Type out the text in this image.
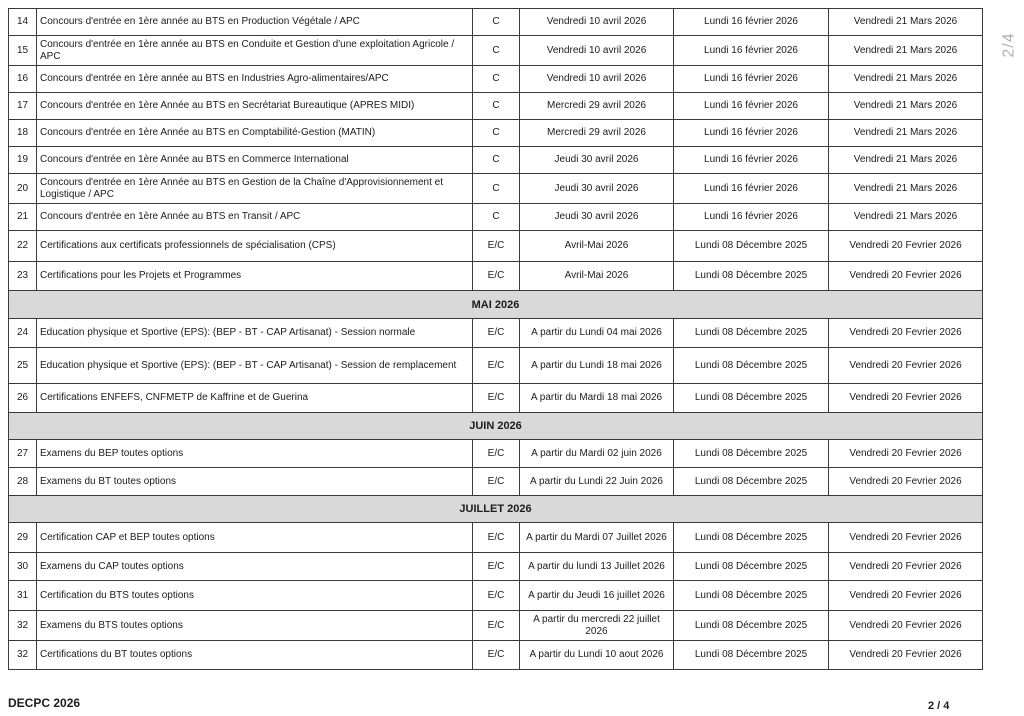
14	Concours d'entrée en 1ère année au BTS en Production Végétale / APC	C	Vendredi 10 avril 2026	Lundi 16 février 2026	Vendredi 21 Mars 2026
15	Concours d'entrée en 1ère année au BTS en Conduite et Gestion d'une exploitation Agricole / APC	C	Vendredi 10 avril 2026	Lundi 16 février 2026	Vendredi 21 Mars 2026
16	Concours d'entrée en 1ère année au BTS en Industries Agro-alimentaires/APC	C	Vendredi 10 avril 2026	Lundi 16 février 2026	Vendredi 21 Mars 2026
17	Concours d'entrée en 1ère Année au BTS en Secrétariat Bureautique (APRES MIDI)	C	Mercredi 29 avril 2026	Lundi 16 février 2026	Vendredi 21 Mars 2026
18	Concours d'entrée en 1ère Année au BTS en Comptabilité-Gestion (MATIN)	C	Mercredi 29 avril 2026	Lundi 16 février 2026	Vendredi 21 Mars 2026
19	Concours d'entrée en 1ère Année au BTS en Commerce International	C	Jeudi 30 avril 2026	Lundi 16 février 2026	Vendredi 21 Mars 2026
20	Concours d'entrée en 1ère Année au BTS en Gestion de la Chaîne d'Approvisionnement et Logistique / APC	C	Jeudi 30 avril 2026	Lundi 16 février 2026	Vendredi 21 Mars 2026
21	Concours d'entrée en 1ère Année au BTS en Transit / APC	C	Jeudi 30 avril 2026	Lundi 16 février 2026	Vendredi 21 Mars 2026
22	Certifications aux certificats professionnels de spécialisation (CPS)	E/C	Avril-Mai 2026	Lundi 08 Décembre 2025	Vendredi 20 Fevrier 2026
23	Certifications pour les Projets et Programmes	E/C	Avril-Mai 2026	Lundi 08 Décembre 2025	Vendredi 20 Fevrier 2026
MAI 2026					
24	Education physique et Sportive (EPS): (BEP - BT - CAP Artisanat) - Session normale	E/C	A partir du Lundi 04 mai 2026	Lundi 08 Décembre 2025	Vendredi 20 Fevrier 2026
25	Education physique et Sportive (EPS): (BEP - BT - CAP Artisanat) - Session de remplacement	E/C	A partir du Lundi 18 mai 2026	Lundi 08 Décembre 2025	Vendredi 20 Fevrier 2026
26	Certifications ENFEFS, CNFMETP de Kaffrine et de Guerina	E/C	A partir du Mardi 18 mai 2026	Lundi 08 Décembre 2025	Vendredi 20 Fevrier 2026
JUIN 2026					
27	Examens du BEP toutes options	E/C	A partir du Mardi 02 juin 2026	Lundi 08 Décembre 2025	Vendredi 20 Fevrier 2026
28	Examens du BT toutes options	E/C	A partir du Lundi 22 Juin 2026	Lundi 08 Décembre 2025	Vendredi 20 Fevrier 2026
JUILLET 2026					
29	Certification CAP et BEP toutes options	E/C	A partir du Mardi 07 Juillet 2026	Lundi 08 Décembre 2025	Vendredi 20 Fevrier 2026
30	Examens du CAP toutes options	E/C	A partir du lundi 13 Juillet 2026	Lundi 08 Décembre 2025	Vendredi 20 Fevrier 2026
31	Certification du BTS toutes options	E/C	A partir du Jeudi 16 juillet 2026	Lundi 08 Décembre 2025	Vendredi 20 Fevrier 2026
32	Examens du BTS toutes options	E/C	A partir du mercredi 22 juillet 2026	Lundi 08 Décembre 2025	Vendredi 20 Fevrier 2026
32	Certifications du BT toutes options	E/C	A partir du Lundi 10 aout 2026	Lundi 08 Décembre 2025	Vendredi 20 Fevrier 2026
2/4
DECPC 2026	2 / 4
